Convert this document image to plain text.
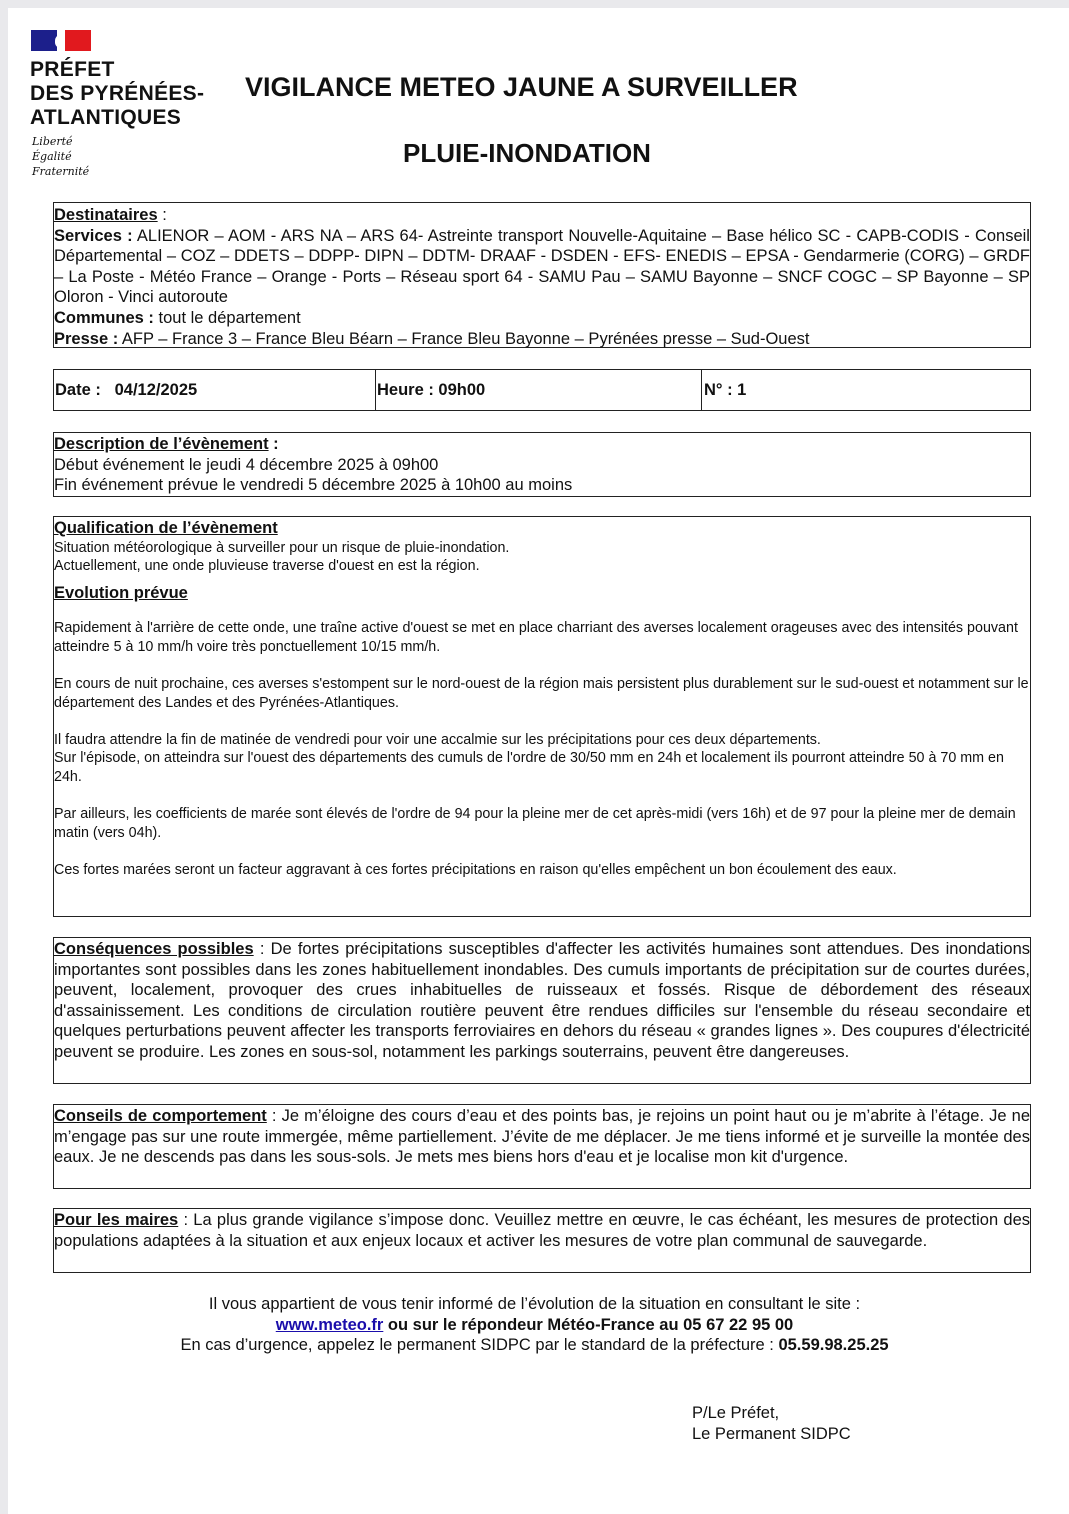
PRÉFET
DES PYRÉNÉES-
ATLANTIQUES
Liberté
Égalité
Fraternité
VIGILANCE METEO JAUNE A SURVEILLER
PLUIE-INONDATION
Destinataires :
Services : ALIENOR – AOM - ARS NA – ARS 64- Astreinte transport Nouvelle-Aquitaine – Base hélico SC - CAPB-CODIS - Conseil Départemental – COZ – DDETS – DDPP- DIPN – DDTM- DRAAF - DSDEN - EFS- ENEDIS – EPSA - Gendarmerie (CORG) – GRDF – La Poste - Météo France – Orange - Ports – Réseau sport 64 - SAMU Pau – SAMU Bayonne – SNCF COGC – SP Bayonne – SP Oloron - Vinci autoroute
Communes : tout le département
Presse : AFP – France 3 – France Bleu Béarn – France Bleu Bayonne – Pyrénées presse – Sud-Ouest
Date : 04/12/2025	Heure : 09h00	N° : 1
Description de l’évènement :
Début événement le jeudi 4 décembre 2025 à 09h00
Fin événement prévue le vendredi 5 décembre 2025 à 10h00 au moins
Qualification de l’évènement
Situation météorologique à surveiller pour un risque de pluie-inondation.
Actuellement, une onde pluvieuse traverse d'ouest en est la région.
Evolution prévue
Rapidement à l'arrière de cette onde, une traîne active d'ouest se met en place charriant des averses localement orageuses avec des intensités pouvant atteindre 5 à 10 mm/h voire très ponctuellement 10/15 mm/h.
En cours de nuit prochaine, ces averses s'estompent sur le nord-ouest de la région mais persistent plus durablement sur le sud-ouest et notamment sur le département des Landes et des Pyrénées-Atlantiques.
Il faudra attendre la fin de matinée de vendredi pour voir une accalmie sur les précipitations pour ces deux départements.
Sur l'épisode, on atteindra sur l'ouest des départements des cumuls de l'ordre de 30/50 mm en 24h et localement ils pourront atteindre 50 à 70 mm en 24h.
Par ailleurs, les coefficients de marée sont élevés de l'ordre de 94 pour la pleine mer de cet après-midi (vers 16h) et de 97 pour la pleine mer de demain matin (vers 04h).
Ces fortes marées seront un facteur aggravant à ces fortes précipitations en raison qu'elles empêchent un bon écoulement des eaux.
Conséquences possibles : De fortes précipitations susceptibles d'affecter les activités humaines sont attendues. Des inondations importantes sont possibles dans les zones habituellement inondables. Des cumuls importants de précipitation sur de courtes durées, peuvent, localement, provoquer des crues inhabituelles de ruisseaux et fossés. Risque de débordement des réseaux d'assainissement. Les conditions de circulation routière peuvent être rendues difficiles sur l'ensemble du réseau secondaire et quelques perturbations peuvent affecter les transports ferroviaires en dehors du réseau « grandes lignes ». Des coupures d'électricité peuvent se produire. Les zones en sous-sol, notamment les parkings souterrains, peuvent être dangereuses.
Conseils de comportement : Je m’éloigne des cours d’eau et des points bas, je rejoins un point haut ou je m’abrite à l’étage. Je ne m’engage pas sur une route immergée, même partiellement. J’évite de me déplacer. Je me tiens informé et je surveille la montée des eaux. Je ne descends pas dans les sous-sols. Je mets mes biens hors d'eau et je localise mon kit d'urgence.
Pour les maires : La plus grande vigilance s’impose donc. Veuillez mettre en œuvre, le cas échéant, les mesures de protection des populations adaptées à la situation et aux enjeux locaux et activer les mesures de votre plan communal de sauvegarde.
Il vous appartient de vous tenir informé de l’évolution de la situation en consultant le site :
www.meteo.fr ou sur le répondeur Météo-France au 05 67 22 95 00
En cas d’urgence, appelez le permanent SIDPC par le standard de la préfecture : 05.59.98.25.25
P/Le Préfet,
Le Permanent SIDPC
